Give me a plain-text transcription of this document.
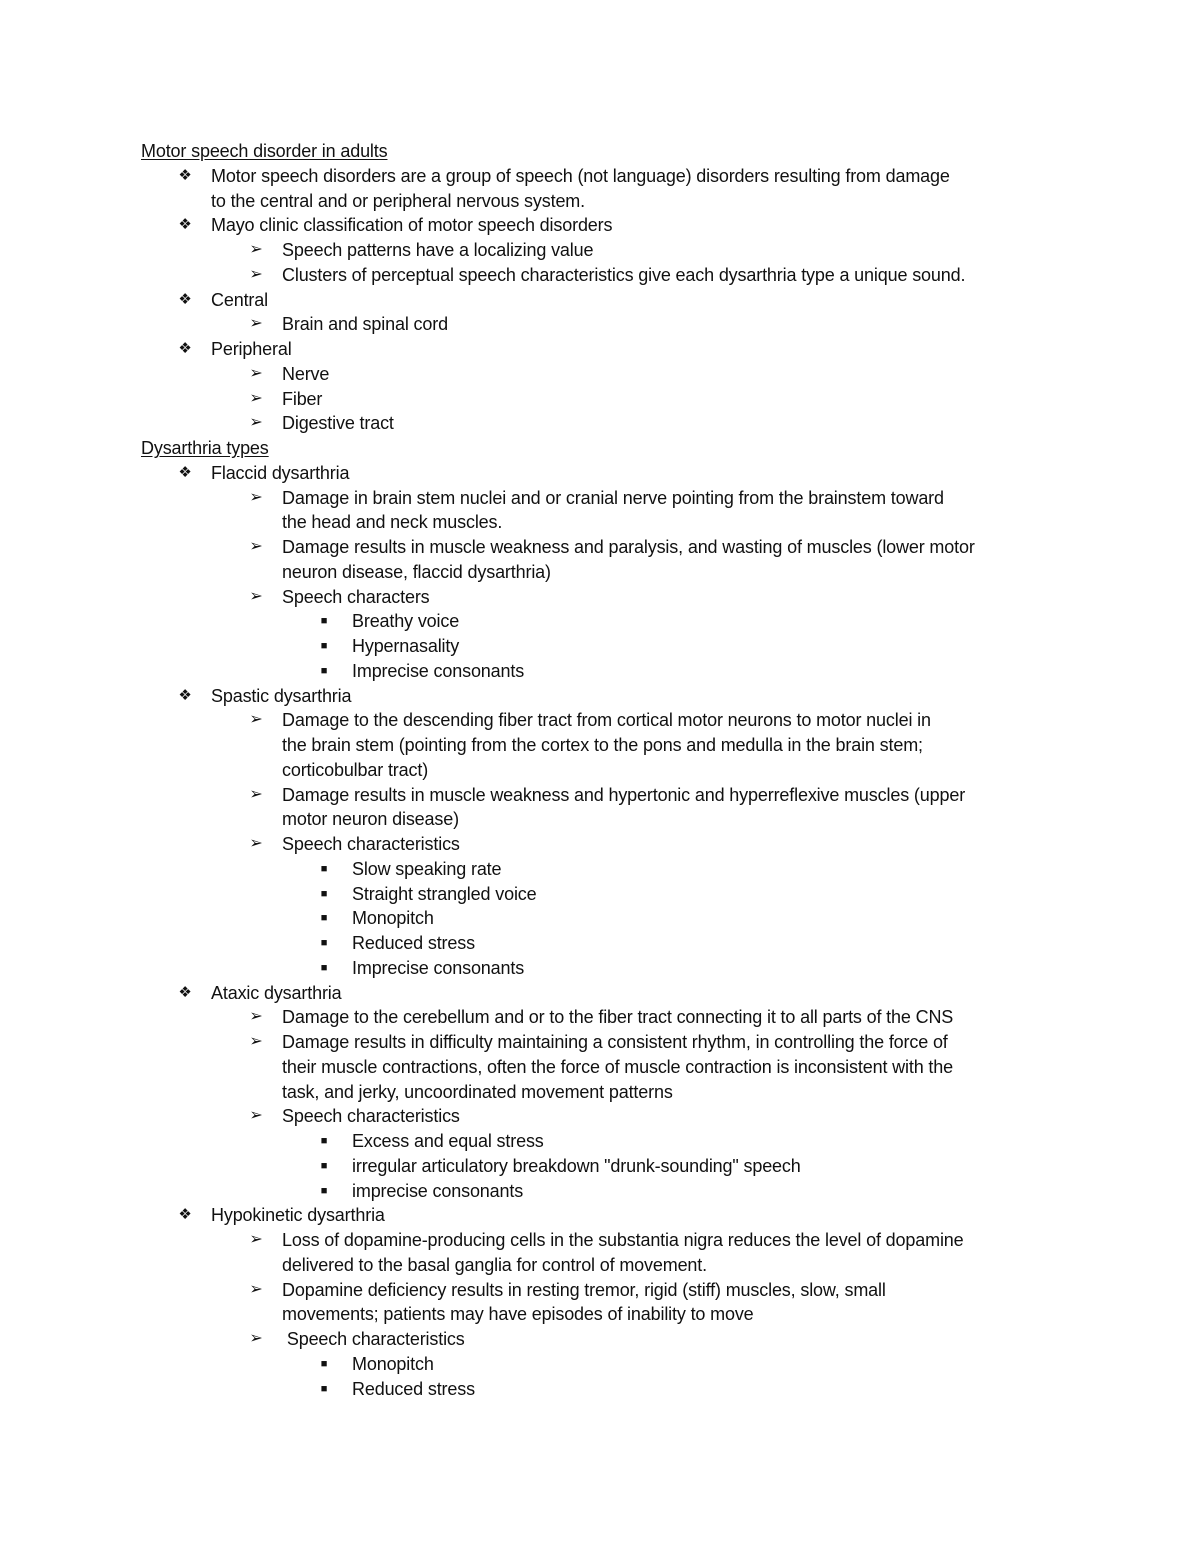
Motor speech disorder in adults
❖ Motor speech disorders are a group of speech (not language) disorders resulting from damage
to the central and or peripheral nervous system.
❖ Mayo clinic classification of motor speech disorders
➢ Speech patterns have a localizing value
➢ Clusters of perceptual speech characteristics give each dysarthria type a unique sound.
❖ Central
➢ Brain and spinal cord
❖ Peripheral
➢ Nerve
➢ Fiber
➢ Digestive tract
Dysarthria types
❖ Flaccid dysarthria
➢ Damage in brain stem nuclei and or cranial nerve pointing from the brainstem toward
the head and neck muscles.
➢ Damage results in muscle weakness and paralysis, and wasting of muscles (lower motor
neuron disease, flaccid dysarthria)
➢ Speech characters
■	Breathy voice
■	Hypernasality
■	Imprecise consonants
❖ Spastic dysarthria
➢ Damage to the descending fiber tract from cortical motor neurons to motor nuclei in
the brain stem (pointing from the cortex to the pons and medulla in the brain stem;
corticobulbar tract)
➢ Damage results in muscle weakness and hypertonic and hyperreflexive muscles (upper
motor neuron disease)
➢ Speech characteristics
■	Slow speaking rate
■	Straight strangled voice
■	Monopitch
■	Reduced stress
■	Imprecise consonants
❖ Ataxic dysarthria
➢ Damage to the cerebellum and or to the fiber tract connecting it to all parts of the CNS
➢ Damage results in difficulty maintaining a consistent rhythm, in controlling the force of
their muscle contractions, often the force of muscle contraction is inconsistent with the
task, and jerky, uncoordinated movement patterns
➢ Speech characteristics
■	Excess and equal stress
■	irregular articulatory breakdown "drunk-sounding" speech
■	imprecise consonants
❖ Hypokinetic dysarthria
➢ Loss of dopamine-producing cells in the substantia nigra reduces the level of dopamine
delivered to the basal ganglia for control of movement.
➢ Dopamine deficiency results in resting tremor, rigid (stiff) muscles, slow, small
movements; patients may have episodes of inability to move
➢ Speech characteristics
■	Monopitch
■	Reduced stress
